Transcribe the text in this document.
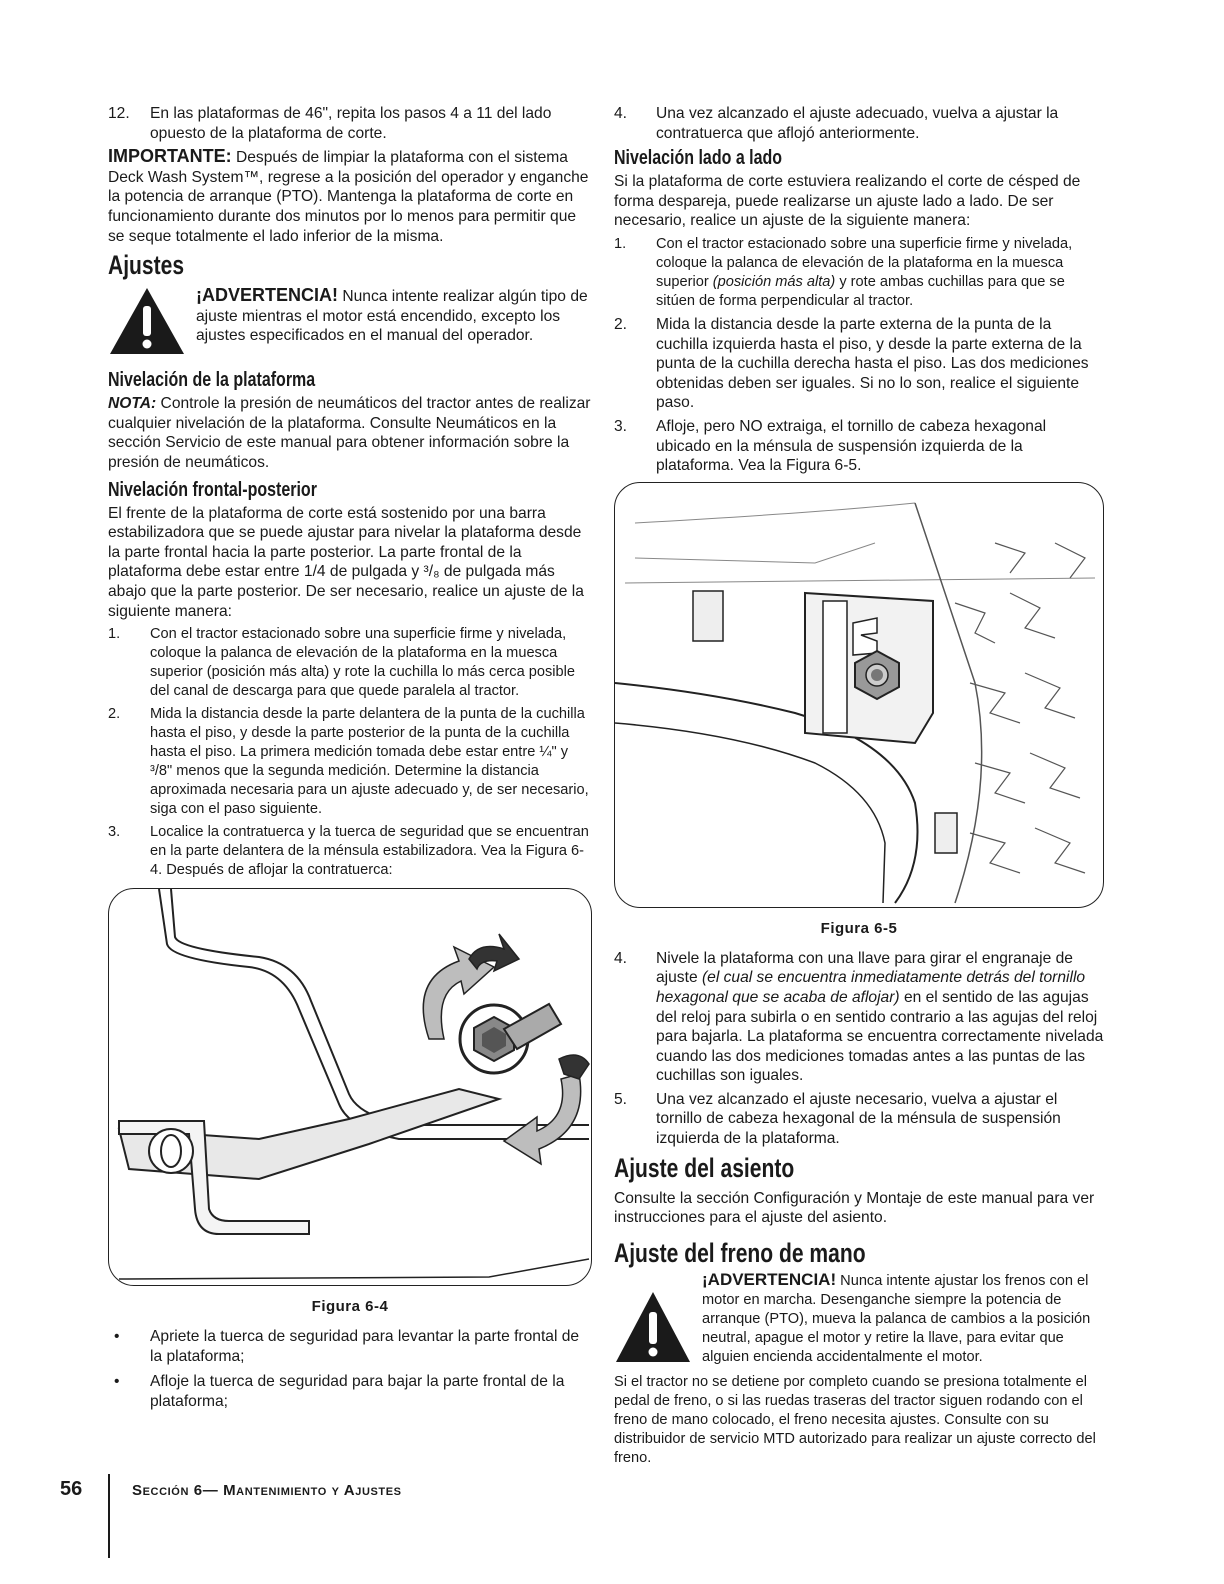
12.	En las plataformas de 46", repita los pasos 4 a 11 del lado opuesto de la plataforma de corte.

IMPORTANTE: Después de limpiar la plataforma con el sistema Deck Wash System™, regrese a la posición del operador y enganche la potencia de arranque (PTO). Mantenga la plataforma de corte en funcionamiento durante dos minutos por lo menos para permitir que se seque totalmente el lado inferior de la misma.

Ajustes

¡ADVERTENCIA! Nunca intente realizar algún tipo de ajuste mientras el motor está encendido, excepto los ajustes especificados en el manual del operador.

Nivelación de la plataforma

NOTA: Controle la presión de neumáticos del tractor antes de realizar cualquier nivelación de la plataforma. Consulte Neumáticos en la sección Servicio de este manual para obtener información sobre la presión de neumáticos.

Nivelación frontal-posterior

El frente de la plataforma de corte está sostenido por una barra estabilizadora que se puede ajustar para nivelar la plataforma desde la parte frontal hacia la parte posterior. La parte frontal de la plataforma debe estar entre 1/4 de pulgada y ³/₈ de pulgada más abajo que la parte posterior. De ser necesario, realice un ajuste de la siguiente manera:

1.	Con el tractor estacionado sobre una superficie firme y nivelada, coloque la palanca de elevación de la plataforma en la muesca superior (posición más alta) y rote la cuchilla lo más cerca posible del canal de descarga para que quede paralela al tractor.
2.	Mida la distancia desde la parte delantera de la punta de la cuchilla hasta el piso, y desde la parte posterior de la punta de la cuchilla hasta el piso. La primera medición tomada debe estar entre ¼" y ³/8" menos que la segunda medición. Determine la distancia aproximada necesaria para un ajuste adecuado y, de ser necesario, siga con el paso siguiente.
3.	Localice la contratuerca y la tuerca de seguridad que se encuentran en la parte delantera de la ménsula estabilizadora. Vea la Figura 6-4. Después de aflojar la contratuerca:
Figura 6-4
•	Apriete la tuerca de seguridad para levantar la parte frontal de la plataforma;
•	Afloje la tuerca de seguridad para bajar la parte frontal de la plataforma;
4.	Una vez alcanzado el ajuste adecuado, vuelva a ajustar la contratuerca que aflojó anteriormente.
Nivelación lado a lado

Si la plataforma de corte estuviera realizando el corte de césped de forma despareja, puede realizarse un ajuste lado a lado. De ser necesario, realice un ajuste de la siguiente manera:

1.	Con el tractor estacionado sobre una superficie firme y nivelada, coloque la palanca de elevación de la plataforma en la muesca superior (posición más alta) y rote ambas cuchillas para que se sitúen de forma perpendicular al tractor.
2.	Mida la distancia desde la parte externa de la punta de la cuchilla izquierda hasta el piso, y desde la parte externa de la punta de la cuchilla derecha hasta el piso. Las dos mediciones obtenidas deben ser iguales. Si no lo son, realice el siguiente paso.
3.	Afloje, pero NO extraiga, el tornillo de cabeza hexagonal ubicado en la ménsula de suspensión izquierda de la plataforma. Vea la Figura 6-5.
Figura 6-5
4.	Nivele la plataforma con una llave para girar el engranaje de ajuste (el cual se encuentra inmediatamente detrás del tornillo hexagonal que se acaba de aflojar) en el sentido de las agujas del reloj para subirla o en sentido contrario a las agujas del reloj para bajarla. La plataforma se encuentra correctamente nivelada cuando las dos mediciones tomadas antes a las puntas de las cuchillas son iguales.
5.	Una vez alcanzado el ajuste necesario, vuelva a ajustar el tornillo de cabeza hexagonal de la ménsula de suspensión izquierda de la plataforma.
Ajuste del asiento

Consulte la sección Configuración y Montaje de este manual para ver instrucciones para el ajuste del asiento.

Ajuste del freno de mano

¡ADVERTENCIA! Nunca intente ajustar los frenos con el motor en marcha. Desenganche siempre la potencia de arranque (PTO), mueva la palanca de cambios a la posición neutral, apague el motor y retire la llave, para evitar que alguien encienda accidentalmente el motor.

Si el tractor no se detiene por completo cuando se presiona totalmente el pedal de freno, o si las ruedas traseras del tractor siguen rodando con el freno de mano colocado, el freno necesita ajustes. Consulte con su distribuidor de servicio MTD autorizado para realizar un ajuste correcto del freno.

56	Sección 6— Mantenimiento y Ajustes
